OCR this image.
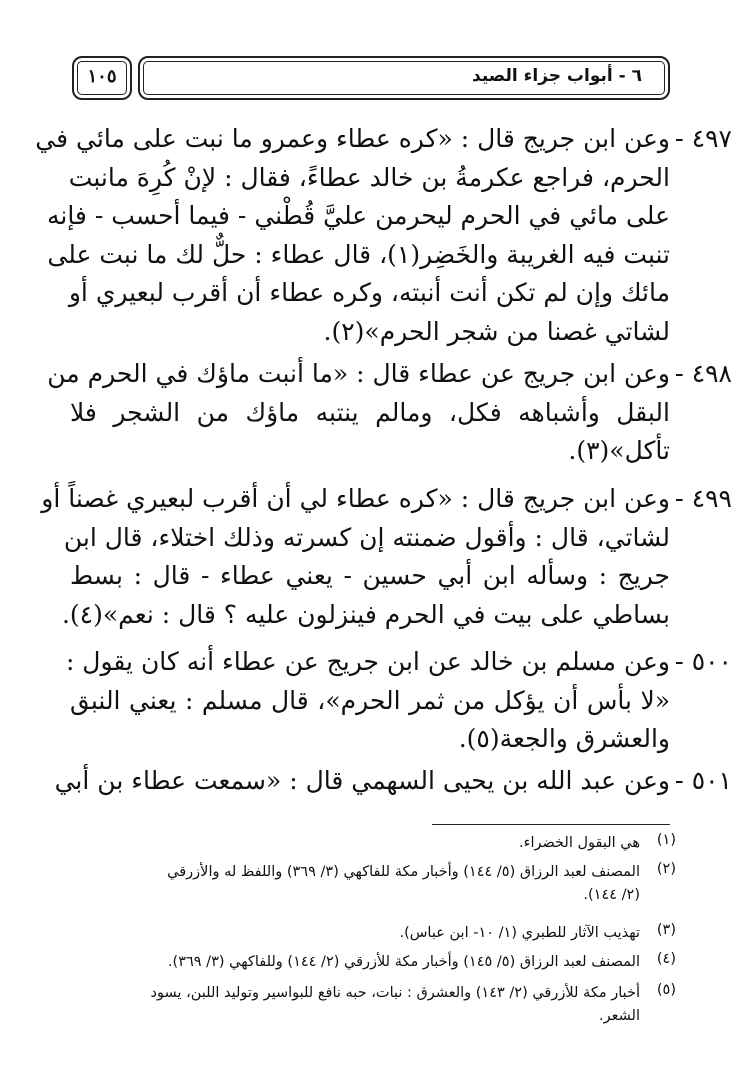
٦ - أبواب جزاء الصيد
١٠٥
٤٩٧ -
وعن ابن جريج قال : «كره عطاء وعمرو ما نبت على مائي في
الحرم، فراجع عكرمةُ بن خالد عطاءً، فقال : لإنْ كُرِهَ مانبت
على مائي في الحرم ليحرمن عليَّ قُطْني - فيما أحسب - فإنه
تنبت فيه الغريبة والخَضِر(١)، قال عطاء : حلٌّ لك ما نبت على
مائك وإن لم تكن أنت أنبته، وكره عطاء أن أقرب لبعيري أو
لشاتي غصنا من شجر الحرم»(٢).
٤٩٨ -
وعن ابن جريج عن عطاء قال : «ما أنبت ماؤك في الحرم من
البقل وأشباهه فكل، ومالم ينتبه ماؤك من الشجر فلا
تأكل»(٣).
٤٩٩ -
وعن ابن جريج قال : «كره عطاء لي أن أقرب لبعيري غصناً أو
لشاتي، قال : وأقول ضمنته إن كسرته وذلك اختلاء، قال ابن
جريج : وسأله ابن أبي حسين - يعني عطاء - قال : بسط
بساطي على بيت في الحرم فينزلون عليه ؟ قال : نعم»(٤).
٥٠٠ -
وعن مسلم بن خالد عن ابن جريج عن عطاء أنه كان يقول :
«لا بأس أن يؤكل من ثمر الحرم»، قال مسلم : يعني النبق
والعشرق والجعة(٥).
٥٠١ -
وعن عبد الله بن يحيى السهمي قال : «سمعت عطاء بن أبي
(١)
هي البقول الخضراء.
(٢)
المصنف لعبد الرزاق (٥/ ١٤٤) وأخبار مكة للفاكهي (٣/ ٣٦٩) واللفظ له والأزرقي
(٢/ ١٤٤).
(٣)
تهذيب الآثار للطبري (١/ ١٠- ابن عباس).
(٤)
المصنف لعبد الرزاق (٥/ ١٤٥) وأخبار مكة للأزرقي (٢/ ١٤٤) وللفاكهي (٣/ ٣٦٩).
(٥)
أخبار مكة للأزرقي (٢/ ١٤٣) والعشرق : نبات، حبه نافع للبواسير وتوليد اللبن، يسود
الشعر.
